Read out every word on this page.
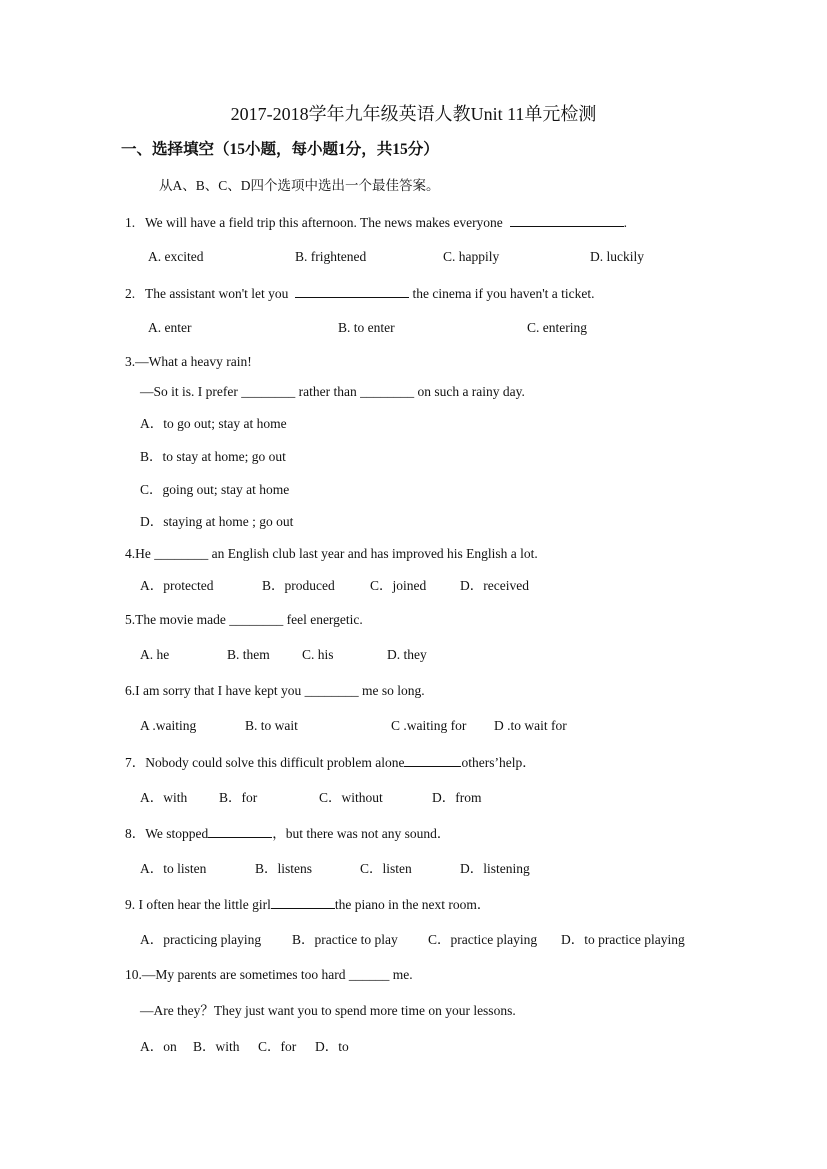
2017-2018学年九年级英语人教Unit 11单元检测
一、选择填空（15小题，每小题1分，共15分）
从A、B、C、D四个选项中选出一个最佳答案。
1.   We will have a field trip this afternoon. The news makes everyone	.
A. excited	B. frightened	C. happily	D. luckily
2.   The assistant won't let you	the cinema if you haven't a ticket.
A. enter	B. to enter	C. entering
3.—What a heavy rain!
—So it is. I prefer ________ rather than ________ on such a rainy day.
A．to go out; stay at home
B．to stay at home; go out
C．going out; stay at home
D．staying at home ; go out
4.He ________ an English club last year and has improved his English a lot.
A．protected	B．produced	C．joined	D．received
5.The movie made ________ feel energetic.
A. he	B. them C. his	D. they
6.I am sorry that I have kept you ________ me so long.
A .waiting	B. to wait	C .waiting for D .to wait for
7．Nobody could solve this difficult problem alone	others’help．
A．with B．for	C．without	D．from
8．We stopped	，but there was not any sound．
A．to listen	B．listens	C．listen	D．listening
9. I often hear the little girl	the piano in the next room．
A．practicing playing B．practice to play C．practice playing D．to practice playing
10.—My parents are sometimes too hard ______ me.
—Are they？They just want you to spend more time on your lessons.
A．on B．with C．for D．to
